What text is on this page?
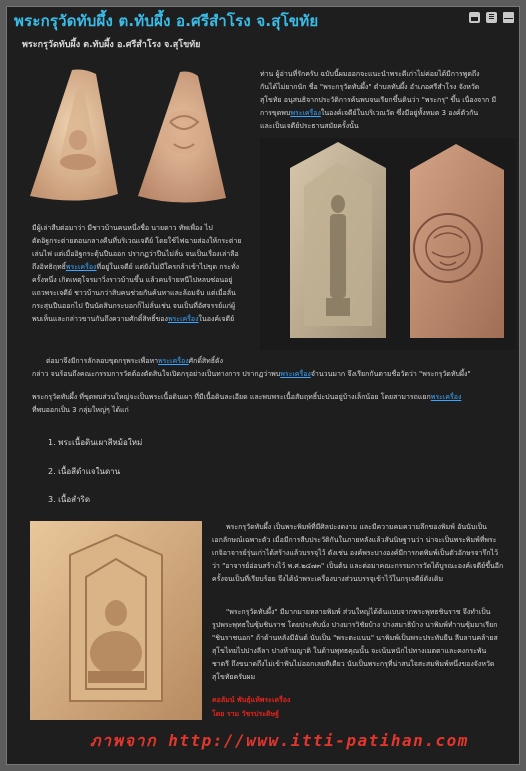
พระกรุวัดทับผึ้ง ต.ทับผึ้ง อ.ศรีสำโรง จ.สุโขทัย
พระกรุวัดทับผึ้ง ต.ทับผึ้ง อ.ศรีสำโรง จ.สุโขทัย
ท่าน ผู้อ่านที่รักครับ ฉบับนี้ผมออกจะแนะนำพระดีเก่าไม่ค่อยได้มีการพูดถึง
กันได้ไม่ยากนัก ชื่อ "พระกรุวัดทับผึ้ง" ตำบลทับผึ้ง อำเภอศรีสำโรง จังหวัด
สุโขทัย อนุสนธิจากประวัติการค้นพบจนเรียกขึ้นดินว่า "พระกรุ" ขึ้น เนื่องจาก มี
การขุดพบพระเครื่องในองค์เจดีย์ในบริเวณวัด ซึ่งมีอยู่ทั้งหมด 3 องค์ตัวกัน
และเป็นเจดีย์ประธานสมัยครั้งนั้น
มีผู้เล่าสืบต่อมาว่า มีชาวบ้านคนหนึ่งชื่อ นายดาว ทัพเพื่อง ไป
ตัดอิฐกระต่ายตอนกลางคืนที่บริเวณเจดีย์ โดยใช้ไฟฉายส่องให้กระต่าย
เล่นไฟ แต่เมื่ออิฐกระตุ้นปืนออก ปรากฏว่าปืนไม่ลั่น จนเป็นเรื่องเล่าลือ
ถึงอิทธิฤทธิ์พระเครื่องที่อยู่ในเจดีย์ แต่ยังไม่มีใครกล้าเข้าไปขุด กระทั่ง
ครั้งหนึ่ง เกิดเหตุโจรมาวิ่งราวบ้านขึ้น แล้วคนร้ายหนีไปหลบซ่อนอยู่
แถวพระเจดีย์ ชาวบ้านกว่าสิบคนช่วยกันค้นหาและล้อมจับ แต่เมื่อลั่น
กระสุนปืนออกไป ปืนนัดสินกระบอกก็ไม่ลั่นเช่น จนเป็นที่อัศจรรย์แก่ผู้
พบเห็นและกล่าวขานกันถึงความศักดิ์สิทธิ์ของพระเครื่องในองค์เจดีย์
ต่อมาจึงมีการลักลอบขุดกรุพระเพื่อหาพระเครื่องศักดิ์สิทธิ์ดัง
กล่าว จนร้อนถึงคณะกรรมการวัดต้องตัดสินใจเปิดกรุอย่างเป็นทางการ ปรากฏว่าพบพระเครื่องจำนวนมาก จึงเรียกกันตามชื่อวัดว่า "พระกรุวัดทับผึ้ง"
พระกรุวัดทับผึ้ง ที่ขุดพบส่วนใหญ่จะเป็นพระเนื้อดินเผา ที่มีเนื้อดินละเอียด และพบพระเนื้อสัมฤทธิ์ปะปนอยู่บ้างเล็กน้อย โดยสามารถแยกพระเครื่อง
ที่พบออกเป็น 3 กลุ่มใหญ่ๆ ได้แก่
1. พระเนื้อดินเผาสีหม้อใหม่
2. เนื้อสีดำแจในดาน
3. เนื้อสำริด
พระกรุวัดทับผึ้ง เป็นพระพิมพ์ที่มีศิลปะงดงาม และมีความคมความลึกของพิมพ์ อันนับเป็น
เอกลักษณ์เฉพาะตัว เมื่อมีการสืบประวัติกันในภายหลังแล้วสันนิษฐานว่า น่าจะเป็นพระพิมพ์ที่พระ
เกจิอาจารย์รุ่นเก่าได้สร้างแล้วบรรจุไว้ ดังเช่น องค์พระบางองค์มีการกดพิมพ์เป็นตัวอักษรจารึกไว้
ว่า "อาจารย์อ่อนสร้างไว้ พ.ศ.๒๔๗๓" เป็นต้น และต่อมาคณะกรรมการวัดได้บูรณะองค์เจดีย์ขึ้นอีก
ครั้งจนเป็นที่เรียบร้อย จึงได้นำพระเครื่องบางส่วนบรรจุเข้าไว้ในกรุเจดีย์ดังเดิม
"พระกรุวัดทับผึ้ง" มีมากมายหลายพิมพ์ ส่วนใหญ่ได้ต้นแบบจากพระพุทธชินราช จึงทำเป็น
รูปพระพุทธในซุ้มชินราช โดยประทับนั่ง ปางมารวิชัยบ้าง ปางสมาธิบ้าง นาพิมพ์ทำานซุ้มมาเรียก
"ชินราชนอก" ถ้าด้านหลังมีอันต์ นับเป็น "พระตะแนน" นาพิมพ์เป็นพระประทับยืน ลีบลานคล้ายส
สุโขไทยไปปางลีลา ปางห้ามญาติ ในด้านพุทธคุณนั้น จะเน้นหนักไปทางเมตตาและคงกระพัน
ชาตรี ถึงขนาดถึงไม่เข้าฟันไม่ออกเลยทีเดียว นับเป็นพระกรุที่น่าสนใจสะสมพิมพ์หนึ่งของจังหวัด
สุโขทัยครับผม
คอลัมน์ พันธุ์แท้พระเครื่อง
โดย ราม วัชรประดิษฐ์
ภาพจาก http://www.itti-patihan.com
